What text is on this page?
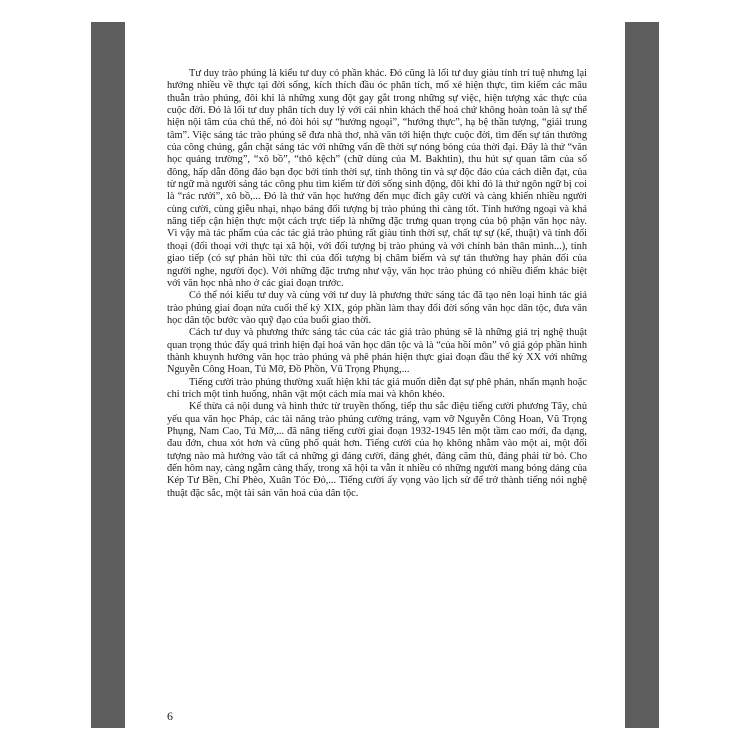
Tư duy trào phúng là kiểu tư duy có phần khác. Đó cũng là lối tư duy giàu tính trí tuệ nhưng lại hướng nhiều về thực tại đời sống, kích thích đầu óc phân tích, mổ xẻ hiện thực, tìm kiếm các mâu thuẫn trào phúng, đôi khi là những xung đột gay gắt trong những sự việc, hiện tượng xác thực của cuộc đời. Đó là lối tư duy phân tích duy lý với cái nhìn khách thể hoá chứ không hoàn toàn là sự thể hiện nội tâm của chủ thể, nó đòi hỏi sự “hướng ngoại”, “hướng thực”, hạ bệ thần tượng, “giải trung tâm”. Việc sáng tác trào phúng sẽ đưa nhà thơ, nhà văn tới hiện thực cuộc đời, tìm đến sự tán thưởng của công chúng, gắn chặt sáng tác với những vấn đề thời sự nóng bỏng của thời đại. Đây là thứ “văn học quảng trường”, “xô bồ”, “thô kệch” (chữ dùng của M. Bakhtin), thu hút sự quan tâm của số đông, hấp dẫn đông đảo bạn đọc bởi tính thời sự, tính thông tin và sự độc đáo của cách diễn đạt, của từ ngữ mà người sáng tác công phu tìm kiếm từ đời sống sinh động, đôi khi đó là thứ ngôn ngữ bị coi là “rác rưởi”, xô bồ,... Đó là thứ văn học hướng đến mục đích gây cười và càng khiến nhiều người cùng cười, cùng giễu nhại, nhạo báng đối tượng bị trào phúng thì càng tốt. Tính hướng ngoại và khả năng tiếp cận hiện thực một cách trực tiếp là những đặc trưng quan trọng của bộ phận văn học này. Vì vậy mà tác phẩm của các tác giả trào phúng rất giàu tính thời sự, chất tự sự (kể, thuật) và tính đối thoại (đối thoại với thực tại xã hội, với đối tượng bị trào phúng và với chính bản thân mình...), tính giao tiếp (có sự phản hồi tức thì của đối tượng bị châm biếm và sự tán thưởng hay phản đối của người nghe, người đọc). Với những đặc trưng như vậy, văn học trào phúng có nhiều điểm khác biệt với văn học nhà nho ở các giai đoạn trước.

Có thể nói kiểu tư duy và cùng với tư duy là phương thức sáng tác đã tạo nên loại hình tác giả trào phúng giai đoạn nửa cuối thế kỷ XIX, góp phần làm thay đổi đời sống văn học dân tộc, đưa văn học dân tộc bước vào quỹ đạo của buổi giao thời.

Cách tư duy và phương thức sáng tác của các tác giả trào phúng sẽ là những giá trị nghệ thuật quan trọng thúc đẩy quá trình hiện đại hoá văn học dân tộc và là “của hồi môn” vô giá góp phần hình thành khuynh hướng văn học trào phúng và phê phán hiện thực giai đoạn đầu thế kỷ XX với những Nguyễn Công Hoan, Tú Mỡ, Đồ Phồn, Vũ Trọng Phụng,...

Tiếng cười trào phúng thường xuất hiện khi tác giả muốn diễn đạt sự phê phán, nhấn mạnh hoặc chỉ trích một tình huống, nhân vật một cách mỉa mai và khôn khéo.

Kế thừa cả nội dung và hình thức từ truyền thống, tiếp thu sắc điệu tiếng cười phương Tây, chủ yếu qua văn học Pháp, các tài năng trào phúng cường tráng, vạm vỡ Nguyễn Công Hoan, Vũ Trọng Phụng, Nam Cao, Tú Mỡ,... đã nâng tiếng cười giai đoạn 1932-1945 lên một tầm cao mới, đa dạng, đau đớn, chua xót hơn và cũng phổ quát hơn. Tiếng cười của họ không nhằm vào một ai, một đối tượng nào mà hướng vào tất cả những gì đáng cười, đáng ghét, đáng căm thù, đáng phải từ bỏ. Cho đến hôm nay, càng ngẫm càng thấy, trong xã hội ta vẫn ít nhiều có những người mang bóng dáng của Kép Tư Bền, Chí Phèo, Xuân Tóc Đỏ,... Tiếng cười ấy vọng vào lịch sử để trở thành tiếng nói nghệ thuật đặc sắc, một tài sản văn hoá của dân tộc.

6
